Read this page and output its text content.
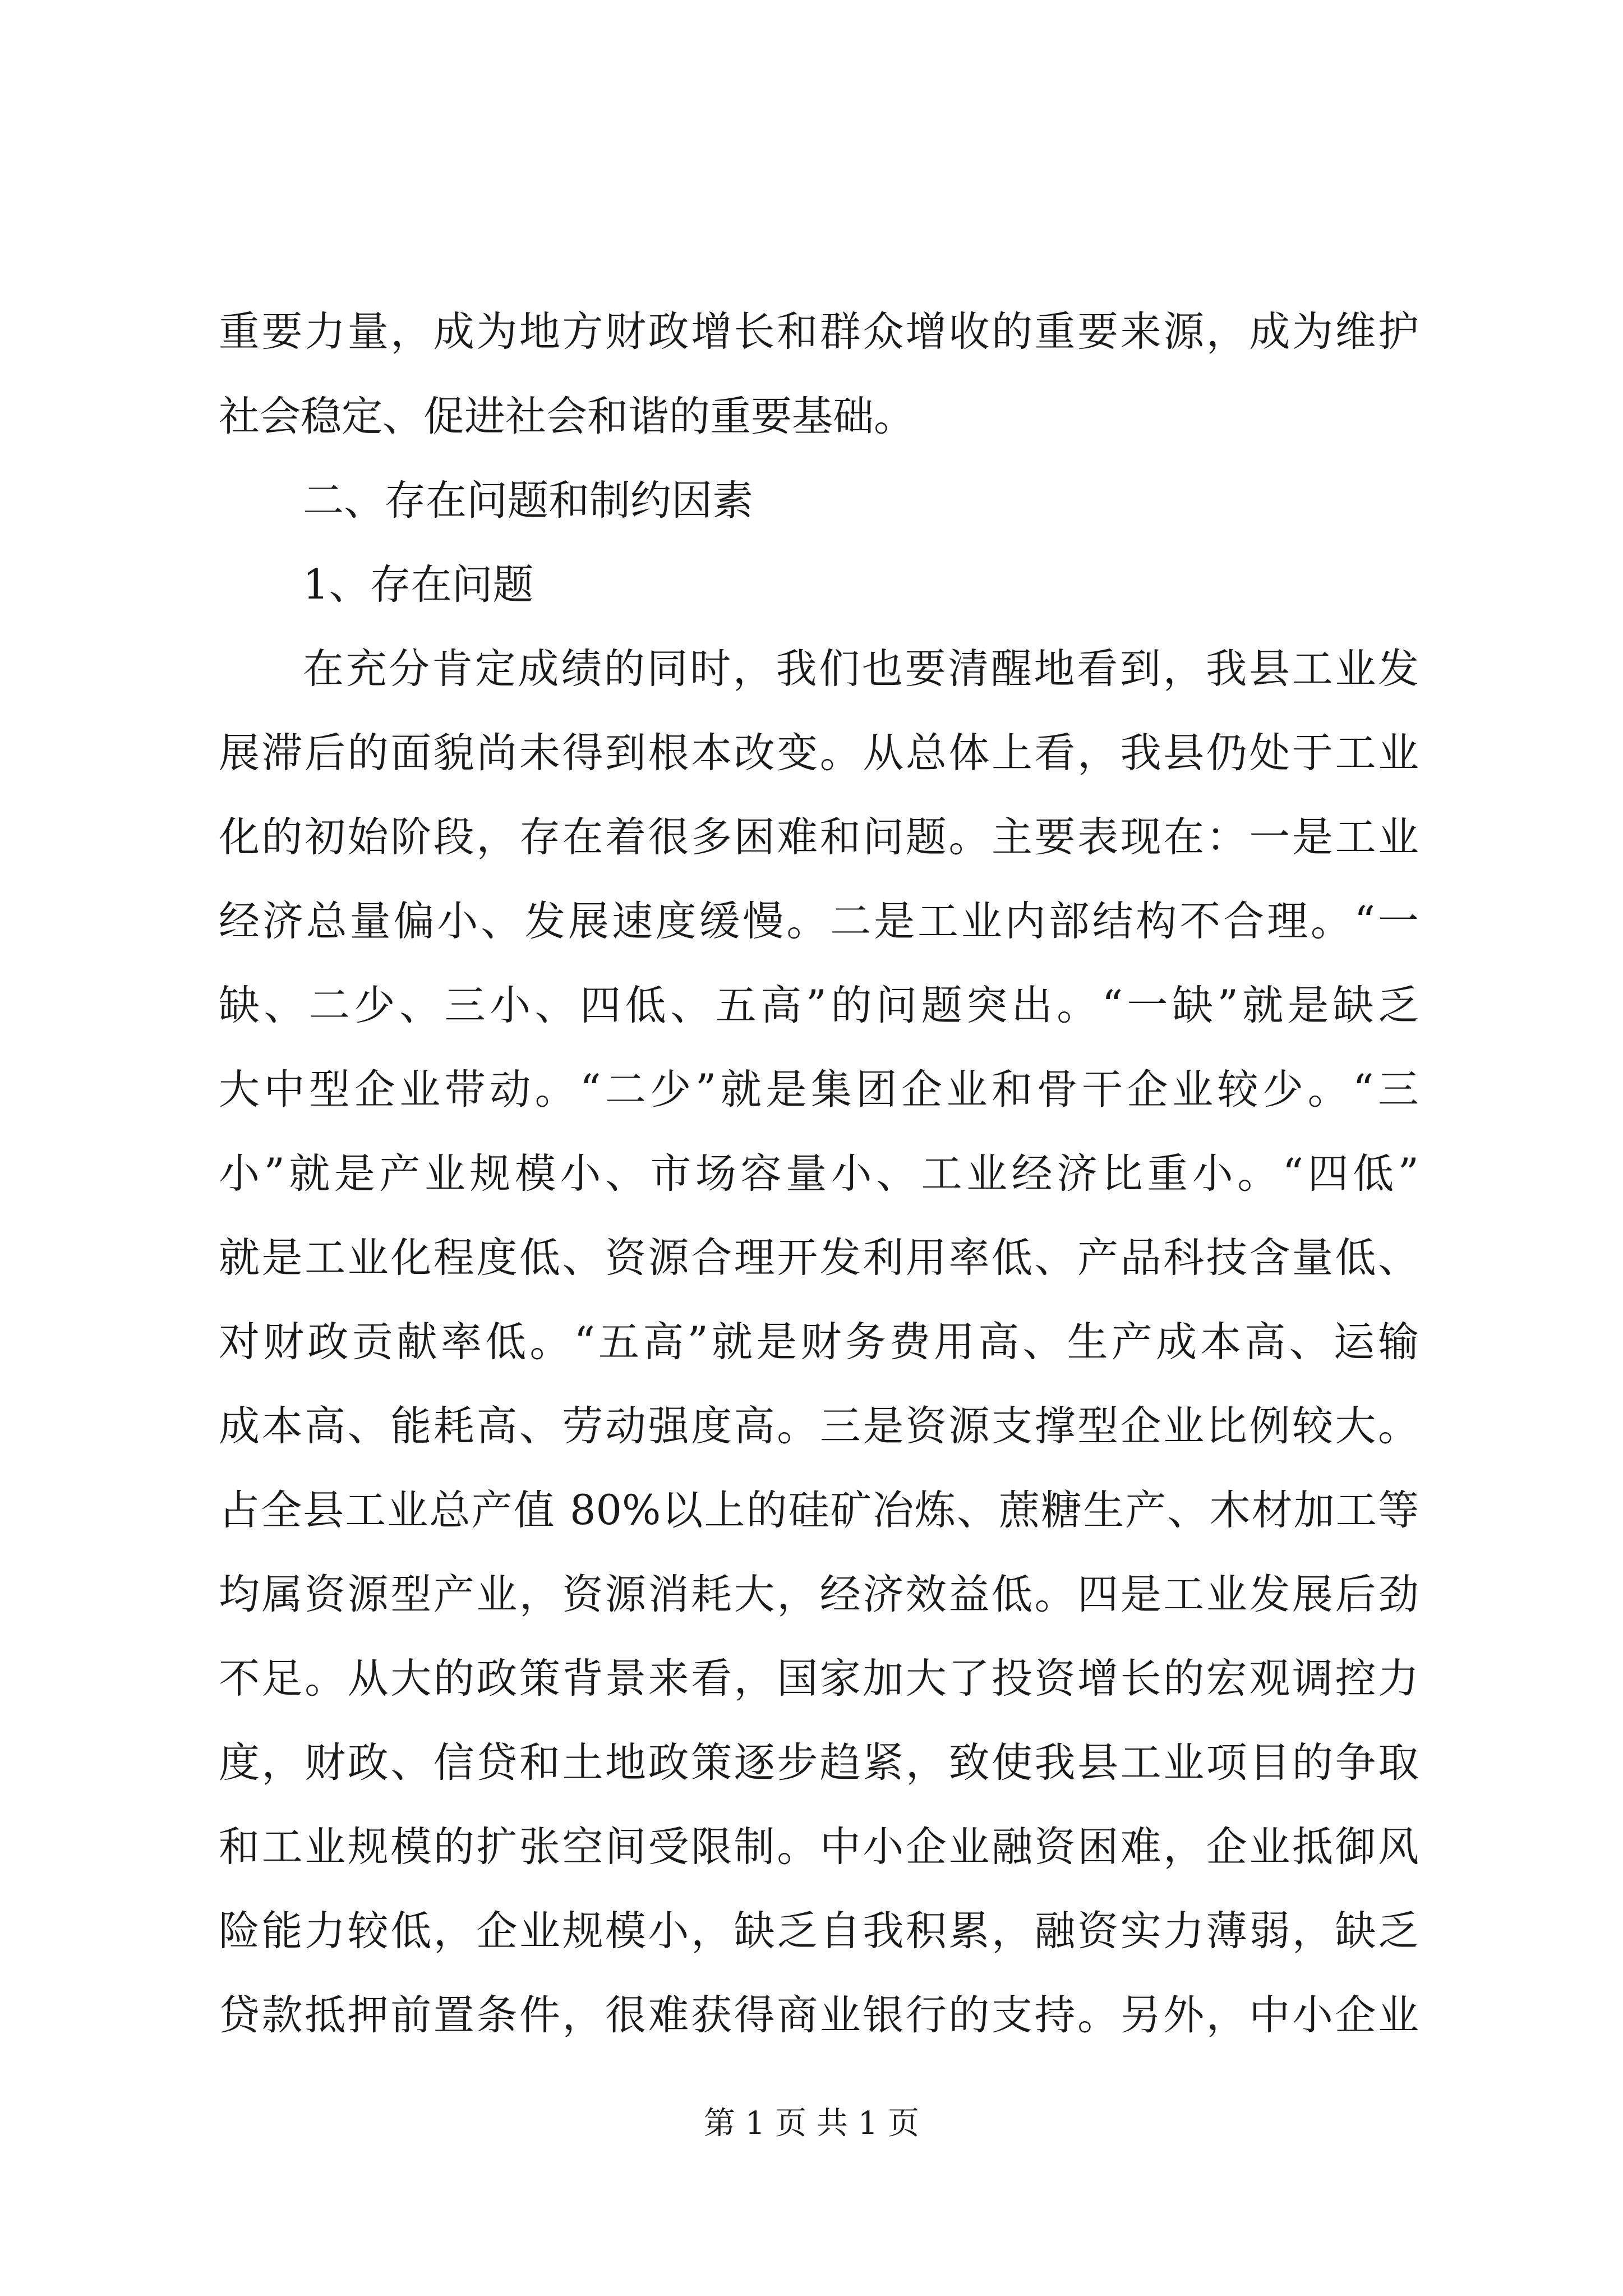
重要力量，成为地方财政增长和群众增收的重要来源，成为维护
社会稳定、促进社会和谐的重要基础。
二、存在问题和制约因素
1、存在问题
在充分肯定成绩的同时，我们也要清醒地看到，我县工业发
展滞后的面貌尚未得到根本改变。从总体上看，我县仍处于工业
化的初始阶段，存在着很多困难和问题。主要表现在：一是工业
经济总量偏小、发展速度缓慢。二是工业内部结构不合理。“一
缺、二少、三小、四低、五高”的问题突出。“一缺”就是缺乏
大中型企业带动。“二少”就是集团企业和骨干企业较少。“三
小”就是产业规模小、市场容量小、工业经济比重小。“四低”
就是工业化程度低、资源合理开发利用率低、产品科技含量低、
对财政贡献率低。“五高”就是财务费用高、生产成本高、运输
成本高、能耗高、劳动强度高。三是资源支撑型企业比例较大。
占全县工业总产值 80%以上的硅矿冶炼、蔗糖生产、木材加工等
均属资源型产业，资源消耗大，经济效益低。四是工业发展后劲
不足。从大的政策背景来看，国家加大了投资增长的宏观调控力
度，财政、信贷和土地政策逐步趋紧，致使我县工业项目的争取
和工业规模的扩张空间受限制。中小企业融资困难，企业抵御风
险能力较低，企业规模小，缺乏自我积累，融资实力薄弱，缺乏
贷款抵押前置条件，很难获得商业银行的支持。另外，中小企业
第 1 页 共 1 页
